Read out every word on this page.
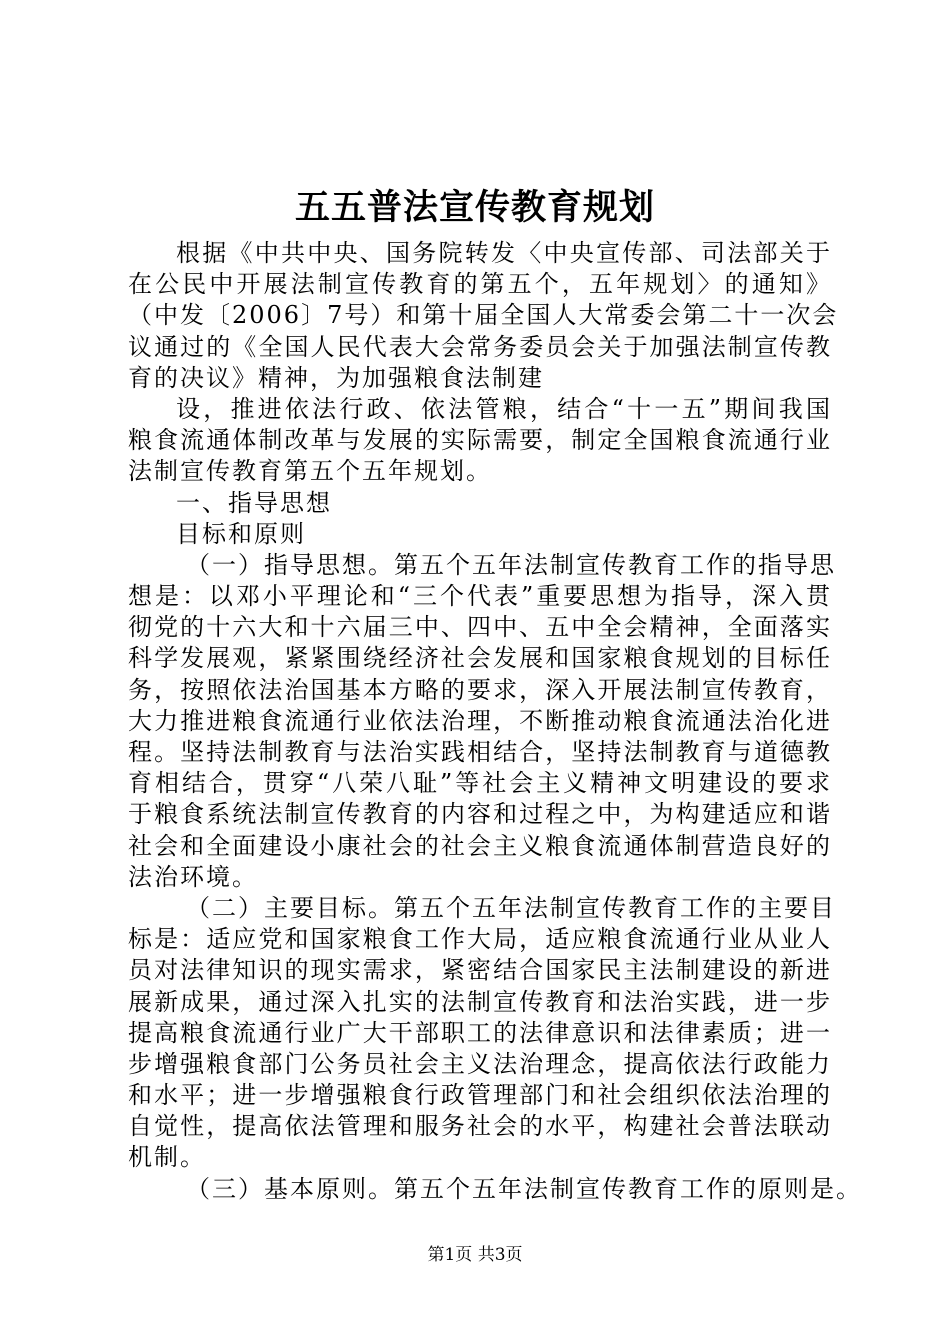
五五普法宣传教育规划
根据《中共中央、国务院转发〈中央宣传部、司法部关于
在公民中开展法制宣传教育的第五个，五年规划〉的通知》
（中发〔2006〕7号）和第十届全国人大常委会第二十一次会
议通过的《全国人民代表大会常务委员会关于加强法制宣传教
育的决议》精神，为加强粮食法制建
设，推进依法行政、依法管粮，结合“十一五”期间我国
粮食流通体制改革与发展的实际需要，制定全国粮食流通行业
法制宣传教育第五个五年规划。
一、指导思想
目标和原则
（一）指导思想。第五个五年法制宣传教育工作的指导思
想是：以邓小平理论和“三个代表”重要思想为指导，深入贯
彻党的十六大和十六届三中、四中、五中全会精神，全面落实
科学发展观，紧紧围绕经济社会发展和国家粮食规划的目标任
务，按照依法治国基本方略的要求，深入开展法制宣传教育，
大力推进粮食流通行业依法治理，不断推动粮食流通法治化进
程。坚持法制教育与法治实践相结合，坚持法制教育与道德教
育相结合，贯穿“八荣八耻”等社会主义精神文明建设的要求
于粮食系统法制宣传教育的内容和过程之中，为构建适应和谐
社会和全面建设小康社会的社会主义粮食流通体制营造良好的
法治环境。
（二）主要目标。第五个五年法制宣传教育工作的主要目
标是：适应党和国家粮食工作大局，适应粮食流通行业从业人
员对法律知识的现实需求，紧密结合国家民主法制建设的新进
展新成果，通过深入扎实的法制宣传教育和法治实践，进一步
提高粮食流通行业广大干部职工的法律意识和法律素质；进一
步增强粮食部门公务员社会主义法治理念，提高依法行政能力
和水平；进一步增强粮食行政管理部门和社会组织依法治理的
自觉性，提高依法管理和服务社会的水平，构建社会普法联动
机制。
（三）基本原则。第五个五年法制宣传教育工作的原则是。
第1页 共3页
